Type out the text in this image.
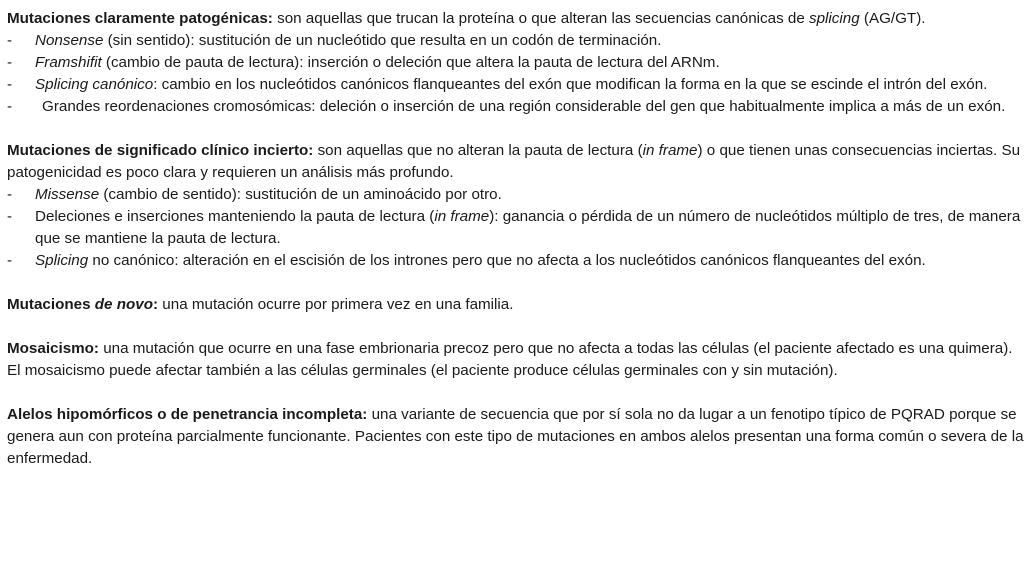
Mutaciones claramente patogénicas: son aquellas que trucan la proteína o que alteran las secuencias canónicas de splicing (AG/GT).

- Nonsense (sin sentido): sustitución de un nucleótido que resulta en un codón de terminación.
- Framshifit (cambio de pauta de lectura): inserción o deleción que altera la pauta de lectura del ARNm.
- Splicing canónico: cambio en los nucleótidos canónicos flanqueantes del exón que modifican la forma en la que se escinde el intrón del exón.
- Grandes reordenaciones cromosómicas: deleción o inserción de una región considerable del gen que habitualmente implica a más de un exón.

Mutaciones de significado clínico incierto: son aquellas que no alteran la pauta de lectura (in frame) o que tienen unas consecuencias inciertas. Su patogenicidad es poco clara y requieren un análisis más profundo.

- Missense (cambio de sentido): sustitución de un aminoácido por otro.
- Deleciones e inserciones manteniendo la pauta de lectura (in frame): ganancia o pérdida de un número de nucleótidos múltiplo de tres, de manera que se mantiene la pauta de lectura.
- Splicing no canónico: alteración en el escisión de los intrones pero que no afecta a los nucleótidos canónicos flanqueantes del exón.

Mutaciones de novo: una mutación ocurre por primera vez en una familia.

Mosaicismo: una mutación que ocurre en una fase embrionaria precoz pero que no afecta a todas las células (el paciente afectado es una quimera). El mosaicismo puede afectar también a las células germinales (el paciente produce células germinales con y sin mutación).

Alelos hipomórficos o de penetrancia incompleta: una variante de secuencia que por sí sola no da lugar a un fenotipo típico de PQRAD porque se genera aun con proteína parcialmente funcionante. Pacientes con este tipo de mutaciones en ambos alelos presentan una forma común o severa de la enfermedad.
